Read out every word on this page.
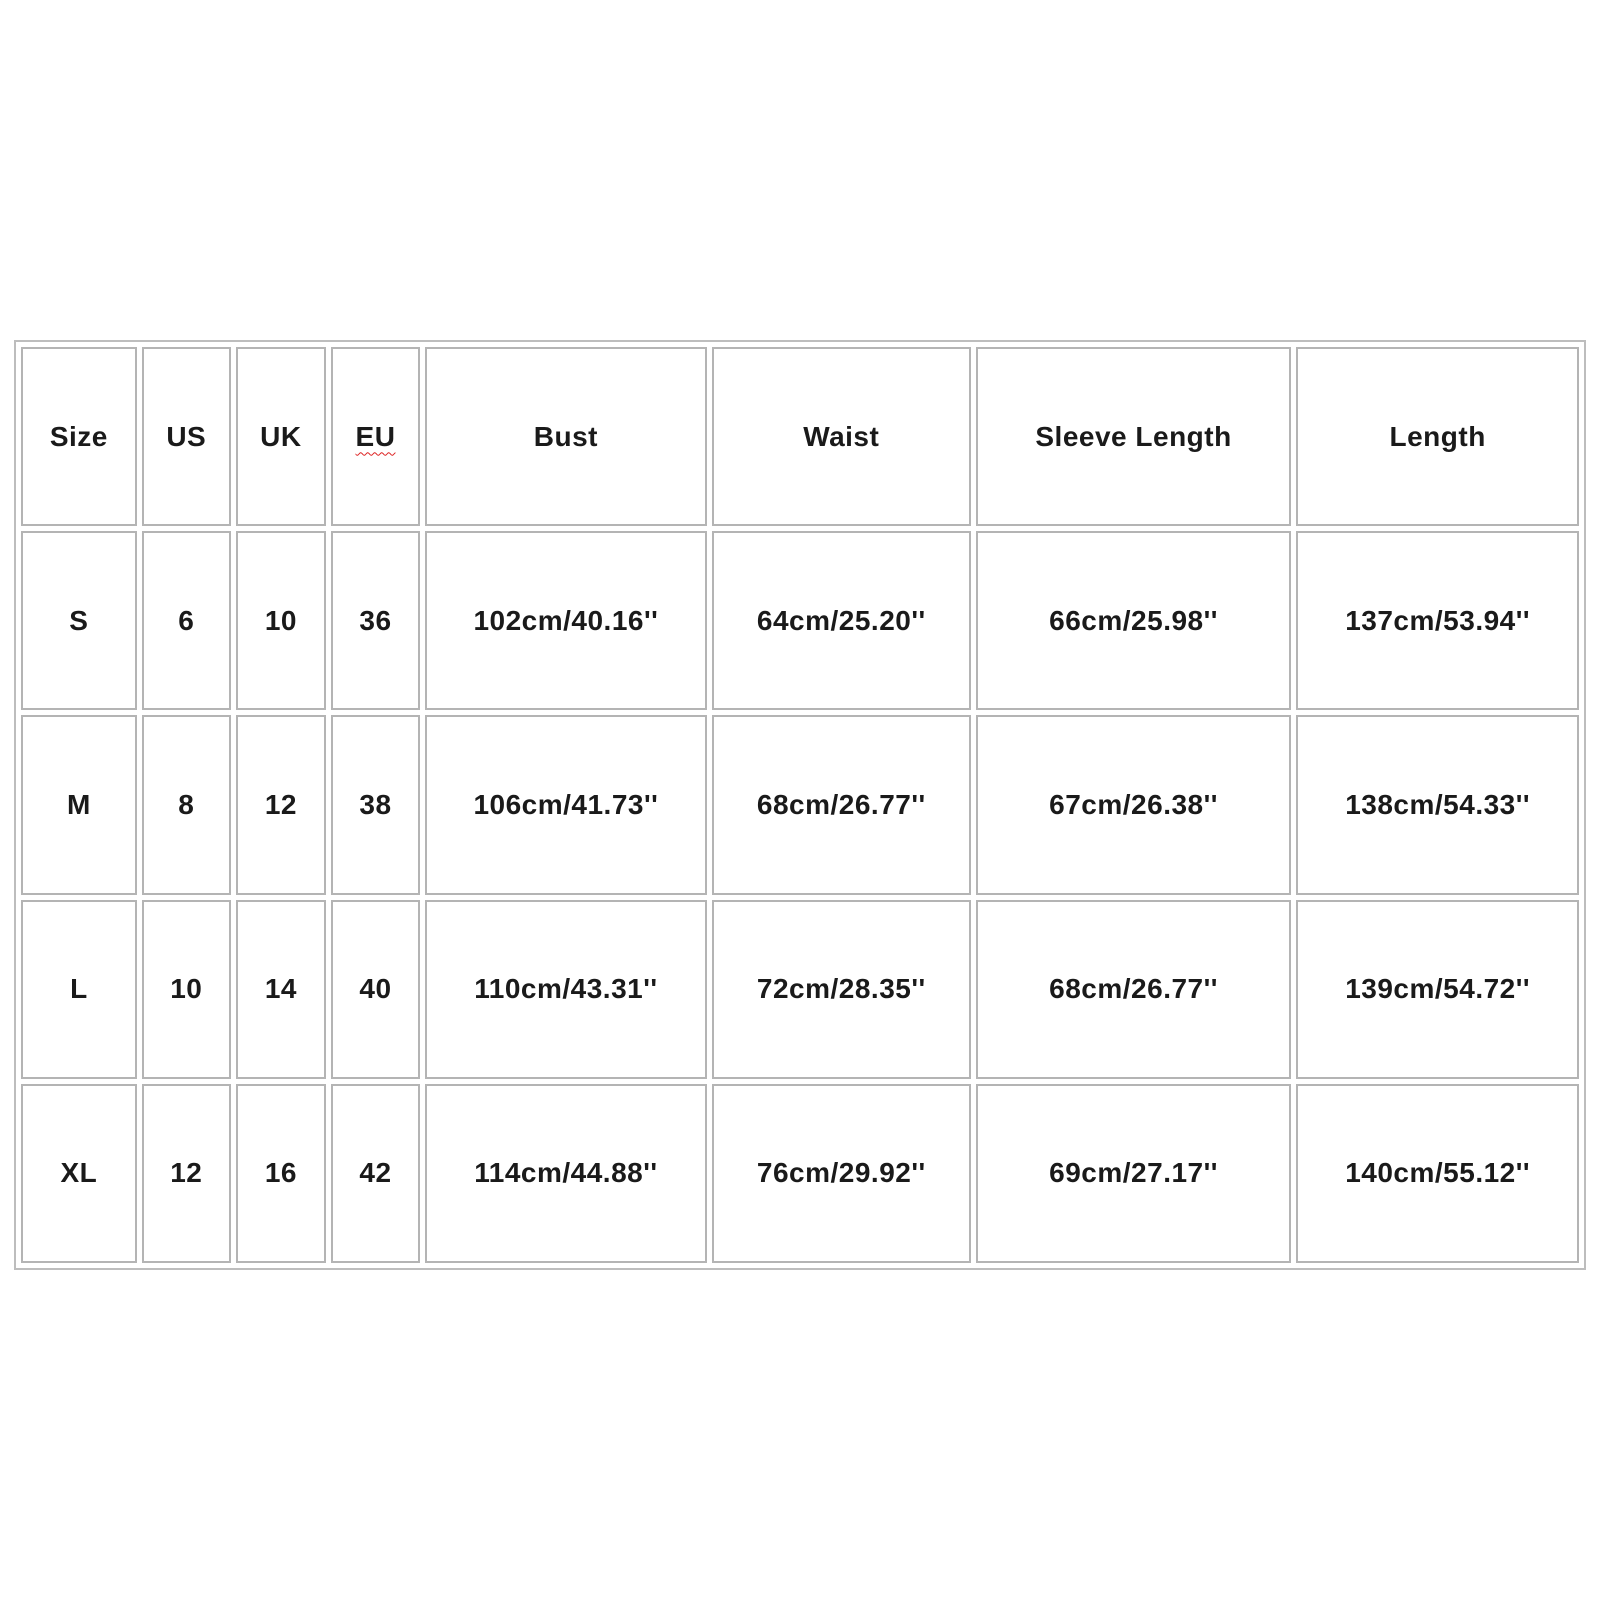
Size	US	UK	EU	Bust	Waist	Sleeve Length	Length
S	6	10	36	102cm/40.16''	64cm/25.20''	66cm/25.98''	137cm/53.94''
M	8	12	38	106cm/41.73''	68cm/26.77''	67cm/26.38''	138cm/54.33''
L	10	14	40	110cm/43.31''	72cm/28.35''	68cm/26.77''	139cm/54.72''
XL	12	16	42	114cm/44.88''	76cm/29.92''	69cm/27.17''	140cm/55.12''
